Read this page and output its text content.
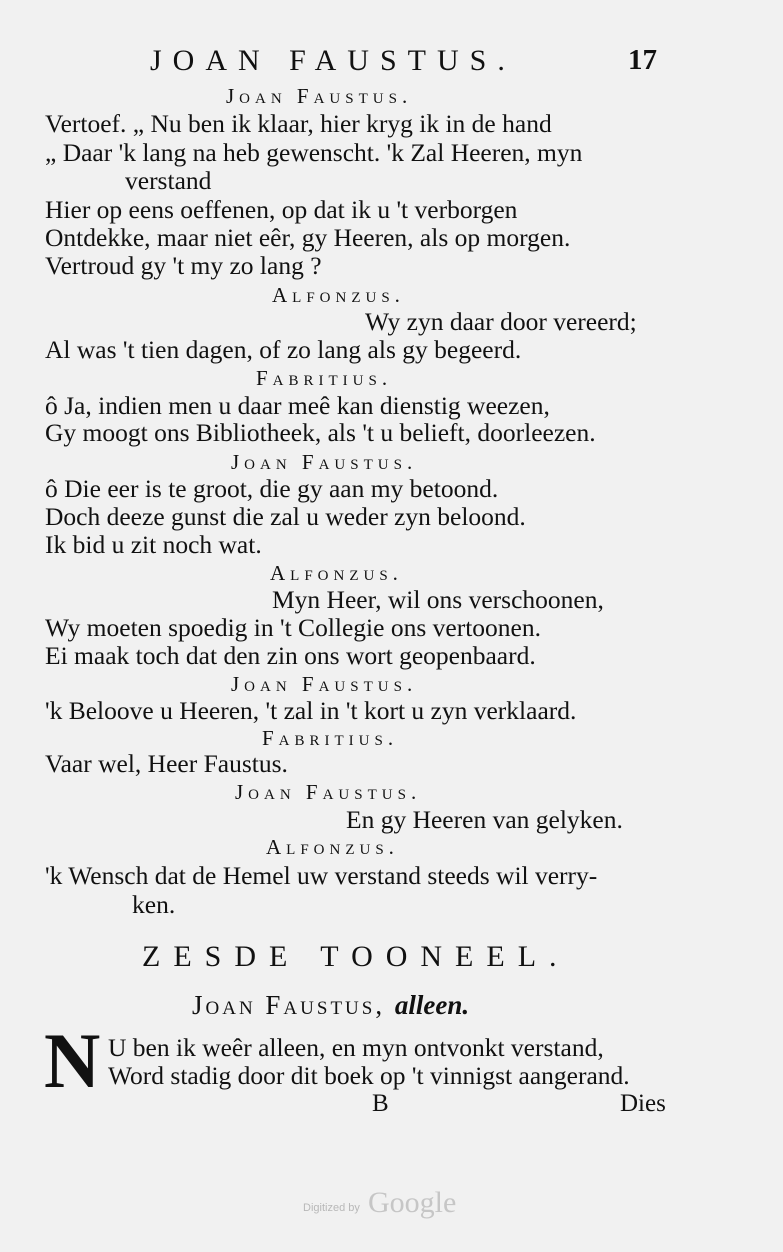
JOAN FAUSTUS.	17
Joan Faustus.
Vertoef. „ Nu ben ik klaar, hier kryg ik in de hand
„ Daar 'k lang na heb gewenscht. 'k Zal Heeren, myn
verstand
Hier op eens oeffenen, op dat ik u 't verborgen
Ontdekke, maar niet eêr, gy Heeren, als op morgen.
Vertroud gy 't my zo lang ?
Alfonzus.
Wy zyn daar door vereerd;
Al was 't tien dagen, of zo lang als gy begeerd.
Fabritius.
ô Ja, indien men u daar meê kan dienstig weezen,
Gy moogt ons Bibliotheek, als 't u belieft, doorleezen.
Joan Faustus.
ô Die eer is te groot, die gy aan my betoond.
Doch deeze gunst die zal u weder zyn beloond.
Ik bid u zit noch wat.
Alfonzus.
Myn Heer, wil ons verschoonen,
Wy moeten spoedig in 't Collegie ons vertoonen.
Ei maak toch dat den zin ons wort geopenbaard.
Joan Faustus.
'k Beloove u Heeren, 't zal in 't kort u zyn verklaard.
Fabritius.
Vaar wel, Heer Faustus.
Joan Faustus.
En gy Heeren van gelyken.
Alfonzus.
'k Wensch dat de Hemel uw verstand steeds wil verry-
ken.
ZESDE TOONEEL.
Joan Faustus, alleen.
N U ben ik weêr alleen, en myn ontvonkt verstand,
Word stadig door dit boek op 't vinnigst aangerand.
B	Dies
Digitized by Google
